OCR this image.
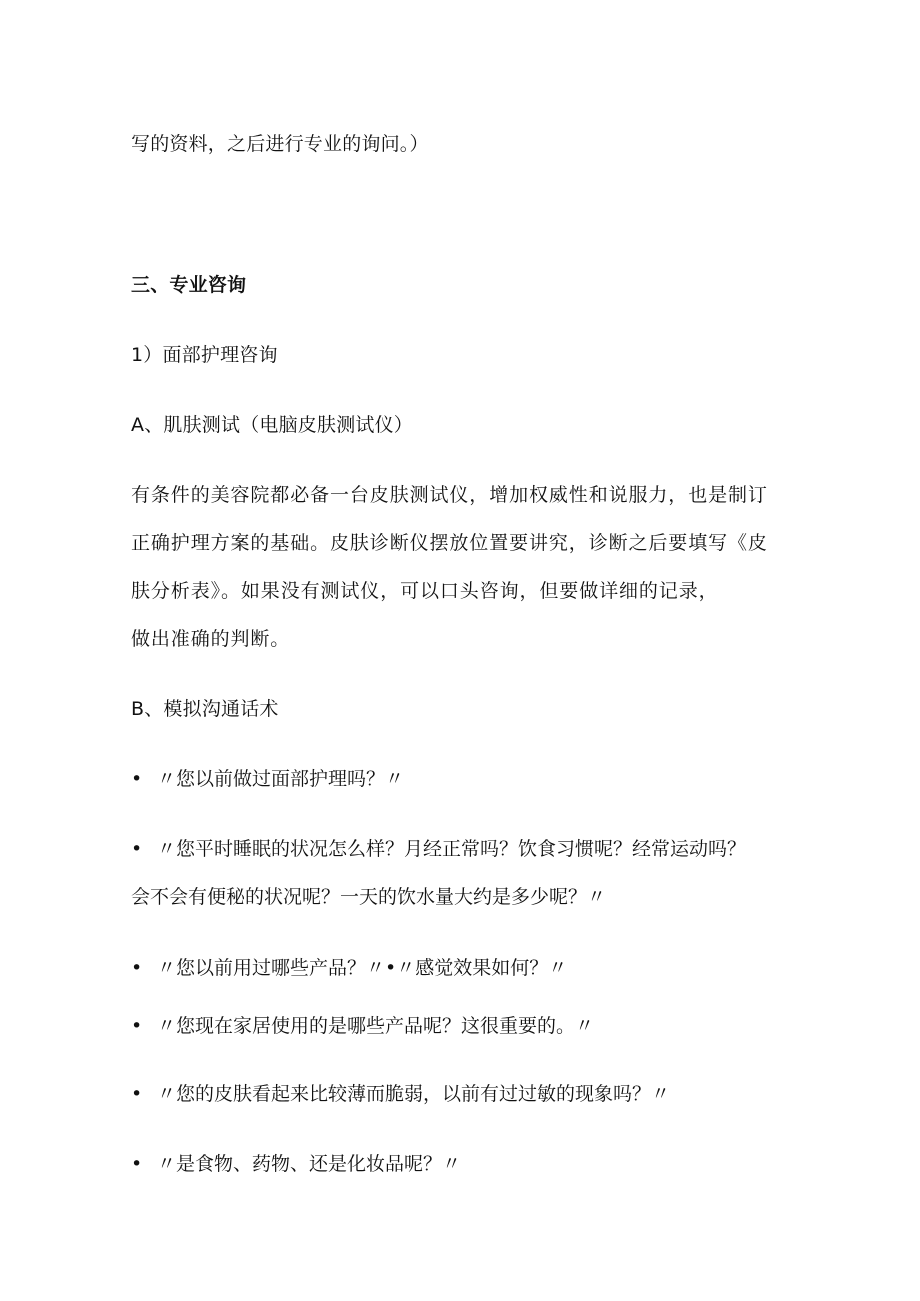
写的资料，之后进行专业的询问。）
三、专业咨询
1）面部护理咨询
A、肌肤测试（电脑皮肤测试仪）
有条件的美容院都必备一台皮肤测试仪，增加权威性和说服力，也是制订
正确护理方案的基础。皮肤诊断仪摆放位置要讲究，诊断之后要填写《皮
肤分析表》。如果没有测试仪，可以口头咨询，但要做详细的记录，
做出准确的判断。
B、模拟沟通话术
• 〃您以前做过面部护理吗？〃
• 〃您平时睡眠的状况怎么样？月经正常吗？饮食习惯呢？经常运动吗？
会不会有便秘的状况呢？一天的饮水量大约是多少呢？〃
• 〃您以前用过哪些产品？〃•〃感觉效果如何？〃
• 〃您现在家居使用的是哪些产品呢？这很重要的。〃
• 〃您的皮肤看起来比较薄而脆弱，以前有过过敏的现象吗？〃
• 〃是食物、药物、还是化妆品呢？〃
